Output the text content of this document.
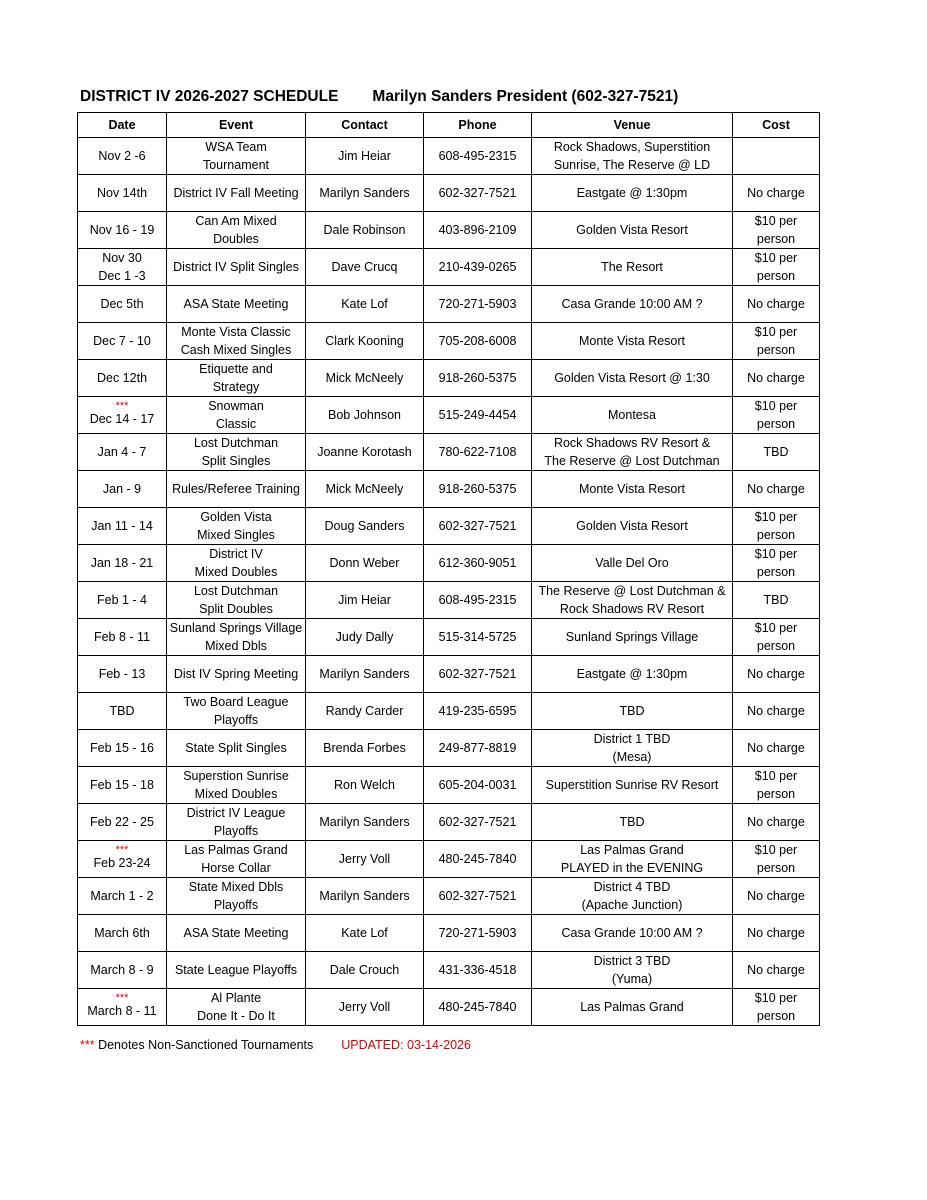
DISTRICT IV 2026-2027 SCHEDULE Marilyn Sanders President (602-327-7521)
Date	Event	Contact	Phone	Venue	Cost

Nov 2 -6	WSA Team
Tournament	Jim Heiar	608-495-2315	Rock Shadows, Superstition
Sunrise, The Reserve @ LD	

Nov 14th	District IV Fall Meeting	Marilyn Sanders	602-327-7521	Eastgate @ 1:30pm	No charge

Nov 16 - 19	Can Am Mixed
Doubles	Dale Robinson	403-896-2109	Golden Vista Resort	$10 per
person

Nov 30
Dec 1 -3	District IV Split Singles	Dave Crucq	210-439-0265	The Resort	$10 per
person

Dec 5th	ASA State Meeting	Kate Lof	720-271-5903	Casa Grande 10:00 AM ?	No charge

Dec 7 - 10	Monte Vista Classic
Cash Mixed Singles	Clark Kooning	705-208-6008	Monte Vista Resort	$10 per
person

Dec 12th	Etiquette and
Strategy	Mick McNeely	918-260-5375	Golden Vista Resort @ 1:30	No charge

***
Dec 14 - 17	Snowman
Classic	Bob Johnson	515-249-4454	Montesa	$10 per
person

Jan 4 - 7	Lost Dutchman
Split Singles	Joanne Korotash	780-622-7108	Rock Shadows RV Resort &
The Reserve @ Lost Dutchman	TBD

Jan - 9	Rules/Referee Training	Mick McNeely	918-260-5375	Monte Vista Resort	No charge

Jan 11 - 14	Golden Vista
Mixed Singles	Doug Sanders	602-327-7521	Golden Vista Resort	$10 per
person

Jan 18 - 21	District IV
Mixed Doubles	Donn Weber	612-360-9051	Valle Del Oro	$10 per
person

Feb 1 - 4	Lost Dutchman
Split Doubles	Jim Heiar	608-495-2315	The Reserve @ Lost Dutchman &
Rock Shadows RV Resort	TBD

Feb 8 - 11	Sunland Springs Village
Mixed Dbls	Judy Dally	515-314-5725	Sunland Springs Village	$10 per
person

Feb - 13	Dist IV Spring Meeting	Marilyn Sanders	602-327-7521	Eastgate @ 1:30pm	No charge

TBD	Two Board League
Playoffs	Randy Carder	419-235-6595	TBD	No charge

Feb 15 - 16	State Split Singles	Brenda Forbes	249-877-8819	District 1 TBD
(Mesa)	No charge

Feb 15 - 18	Superstion Sunrise
Mixed Doubles	Ron Welch	605-204-0031	Superstition Sunrise RV Resort	$10 per
person

Feb 22 - 25	District IV League
Playoffs	Marilyn Sanders	602-327-7521	TBD	No charge

***
Feb 23-24	Las Palmas Grand
Horse Collar	Jerry Voll	480-245-7840	Las Palmas Grand
PLAYED in the EVENING	$10 per
person

March 1 - 2	State Mixed Dbls
Playoffs	Marilyn Sanders	602-327-7521	District 4 TBD
(Apache Junction)	No charge

March 6th	ASA State Meeting	Kate Lof	720-271-5903	Casa Grande 10:00 AM ?	No charge

March 8 - 9	State League Playoffs	Dale Crouch	431-336-4518	District 3 TBD
(Yuma)	No charge

***
March 8 - 11	Al Plante
Done It - Do It	Jerry Voll	480-245-7840	Las Palmas Grand	$10 per
person
*** Denotes Non-Sanctioned Tournaments UPDATED: 03-14-2026
